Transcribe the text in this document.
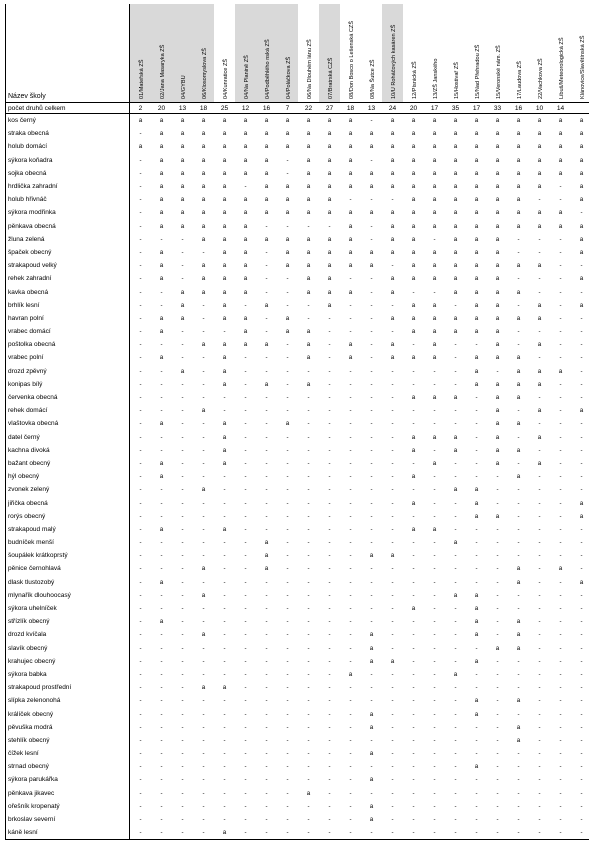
Název školy	01/Mateřská ZŠ	02/Jana Masaryka ZŠ	04/GYBU	06/Klosomyslova ZŠ	04/Kunratice ZŠ	04/Na Planině ZŠ	04/Podběhlého nská ZŠ	04/Poláčkova ZŠ	06/Na Dlouhém lánu ZŠ	07/Bratrská CZŠ	08/Don Bosco o Lešenská CZŠ	08/Na Šutce ZŠ	10/U Roháčových kasáren ZŠ	12/Písnická ZŠ	13/ZŠ Janského	15/Hostivař ZŠ	15/Nad Přehradou ZŠ	15/Veronské nám. ZŠ	17/Laudova ZŠ	22/Vachkova ZŠ	Libuš/Meteorologická ZŠ	Klánovice/Slavětínská ZŠ

počet druhů celkem	2	20	13	18	25	12	16	7	22	27	18	13	24	20	17	35	17	33	16	10	14	
kos černý	a	a	a	a	a	a	a	a	a	a	a	-	a	a	a	a	a	a	a	a	a	a
straka obecná	-	a	a	a	a	a	a	a	a	a	a	a	a	a	a	a	a	a	a	a	a	a
holub domácí	a	a	a	a	a	a	a	a	a	a	a	a	a	a	a	a	a	a	a	a	a	a
sýkora koňadra	-	a	a	a	a	a	a	-	a	a	a	-	a	a	a	a	a	a	a	a	a	a
sojka obecná	-	a	a	a	a	a	a	-	a	a	a	a	a	a	a	a	a	a	a	a	a	a
hrdlička zahradní	-	a	a	a	a	-	a	a	a	a	a	a	a	a	a	a	a	a	a	a	-	a
holub hřivnáč	-	a	a	a	a	a	a	a	a	a	-	-	-	a	a	a	a	a	a	-	-	a
sýkora modřinka	-	a	a	a	a	a	a	a	a	a	a	a	a	a	a	a	a	a	a	a	a	-
pěnkava obecná	-	a	a	a	a	a	-	-	-	-	a	-	a	a	a	a	a	a	a	a	a	a
žluna zelená	-	-	-	a	a	a	a	a	a	a	a	-	a	a	-	a	a	a	-	-	-	a
špaček obecný	-	a	-	-	a	a	-	a	a	a	a	a	a	a	a	a	a	a	-	-	-	a
strakapoud velký	-	a	-	a	a	a	-	a	a	a	a	a	-	a	a	a	a	a	a	a	-	-
rehek zahradní	-	a	-	a	a	a	-	-	a	a	-	-	a	a	a	a	a	a	-	-	-	a
kavka obecná	-	-	a	a	a	a	-	-	a	a	a	-	a	-	-	a	a	a	a	-	-	-
brhlík lesní	-	-	a	-	a	-	a	-	-	a	-	-	-	a	a	-	a	a	-	a	-	a
havran polní	-	a	a	-	a	a	-	a	-	-	-	-	a	a	a	a	a	a	a	a	-	-
vrabec domácí	-	a	-	-	-	a	-	a	a	-	-	-	-	a	a	a	a	a	-	-	-	-
poštolka obecná	-	-	-	a	a	a	a	-	a	-	a	-	a	-	a	-	-	a	-	a	-	-
vrabec polní	-	a	-	-	a	-	-	-	a	-	a	-	a	a	a	-	a	a	a	-	-	-
drozd zpěvný	-	-	a	-	a	-	-	-	-	-	-	-	-	-	-	-	a	-	a	a	a	-
konipas bílý	-	-	-	-	a	-	a	-	a	-	-	-	-	-	-	-	a	a	a	a	-	-
červenka obecná	-	-	-	-	-	-	-	-	-	-	-	-	-	a	a	a	-	a	a	-	-	-
rehek domácí	-	-	-	a	-	-	-	-	-	-	-	-	-	-	-	-	-	a	-	a	-	a
vlaštovka obecná	-	a	-	-	a	-	-	a	-	-	-	-	-	-	-	-	-	a	a	-	-	-
datel černý	-	-	-	-	a	-	-	-	-	-	-	-	-	a	a	a	-	a	-	a	-	-
kachna divoká	-	-	-	-	a	-	-	-	-	-	-	-	-	a	-	a	-	a	a	-	-	-
bažant obecný	-	a	-	-	a	-	-	-	-	-	-	-	-	-	a	-	-	a	-	a	-	-
hýl obecný	-	a	-	-	-	-	-	-	-	-	-	-	-	a	-	-	-	-	a	-	-	-
zvonek zelený	-	-	-	a	-	-	-	-	-	-	-	-	-	-	-	a	a	-	-	-	-	-
jiřička obecná	-	-	-	-	-	-	-	-	-	-	-	-	-	a	-	-	a	-	-	-	-	a
rorýs obecný	-	-	-	-	-	-	-	-	-	-	-	-	-	-	-	-	a	a	-	-	-	a
strakapoud malý	-	a	-	-	a	-	-	-	-	-	-	-	-	a	a	-	-	-	-	-	-	-
budníček menší	-	-	-	-	-	-	a	-	-	-	-	-	-	-	-	a	-	-	-	-	-	-
šoupálek krátkoprstý	-	-	-	-	-	-	a	-	-	-	-	a	a	-	-	-	-	-	-	-	-	-
pěnice černohlavá	-	-	-	a	-	-	a	-	-	-	-	-	-	-	-	-	-	-	a	-	a	-
dlask tlustozobý	-	a	-	-	-	-	-	-	-	-	-	-	-	-	-	-	-	-	a	-	-	a
mlynařík dlouhoocasý	-	-	-	a	-	-	-	-	-	-	-	-	-	-	-	a	a	-	-	-	-	-
sýkora uhelníček	-	-	-	-	-	-	-	-	-	-	-	-	-	a	-	-	a	-	-	-	-	-
střízlík obecný	-	a	-	-	-	-	-	-	-	-	-	-	-	-	-	-	a	-	a	-	-	-
drozd kvíčala	-	-	-	a	-	-	-	-	-	-	-	a	-	-	-	-	a	-	a	-	-	-
slavík obecný	-	-	-	-	-	-	-	-	-	-	-	a	-	-	-	-	-	a	a	-	-	-
krahujec obecný	-	-	-	-	-	-	-	-	-	-	-	a	a	-	-	-	a	-	-	-	-	-
sýkora babka	-	-	-	-	-	-	-	-	-	-	a	-	-	-	-	a	-	-	-	-	-	-
strakapoud prostřední	-	-	-	a	a	-	-	-	-	-	-	-	-	-	-	-	-	-	-	-	-	-
slípka zelenonohá	-	-	-	-	-	-	-	-	-	-	-	-	-	-	-	-	a	-	a	-	-	-
králíček obecný	-	-	-	-	-	-	-	-	-	-	-	a	-	-	-	-	a	-	-	-	-	-
pěvuška modrá	-	-	-	-	-	-	-	-	-	-	-	a	-	-	-	-	-	-	a	-	-	-
stehlík obecný	-	-	-	-	-	-	-	-	-	-	-	-	-	-	-	-	-	-	a	-	-	-
čížek lesní	-	-	-	-	-	-	-	-	-	-	-	a	-	-	-	-	-	-	-	-	-	-
strnad obecný	-	-	-	-	-	-	-	-	-	-	-	-	-	-	-	-	a	-	-	-	-	-
sýkora parukářka	-	-	-	-	-	-	-	-	-	-	-	a	-	-	-	-	-	-	-	-	-	-
pěnkava jikavec	-	-	-	-	-	-	-	-	a	-	-	-	-	-	-	-	-	-	-	-	-	-
ořešník kropenatý	-	-	-	-	-	-	-	-	-	-	-	a	-	-	-	-	-	-	-	-	-	-
brkoslav severní	-	-	-	-	-	-	-	-	-	-	-	a	-	-	-	-	-	-	-	-	-	-
káně lesní	-	-	-	-	a	-	-	-	-	-	-	-	-	-	-	-	-	-	-	-	-	-
